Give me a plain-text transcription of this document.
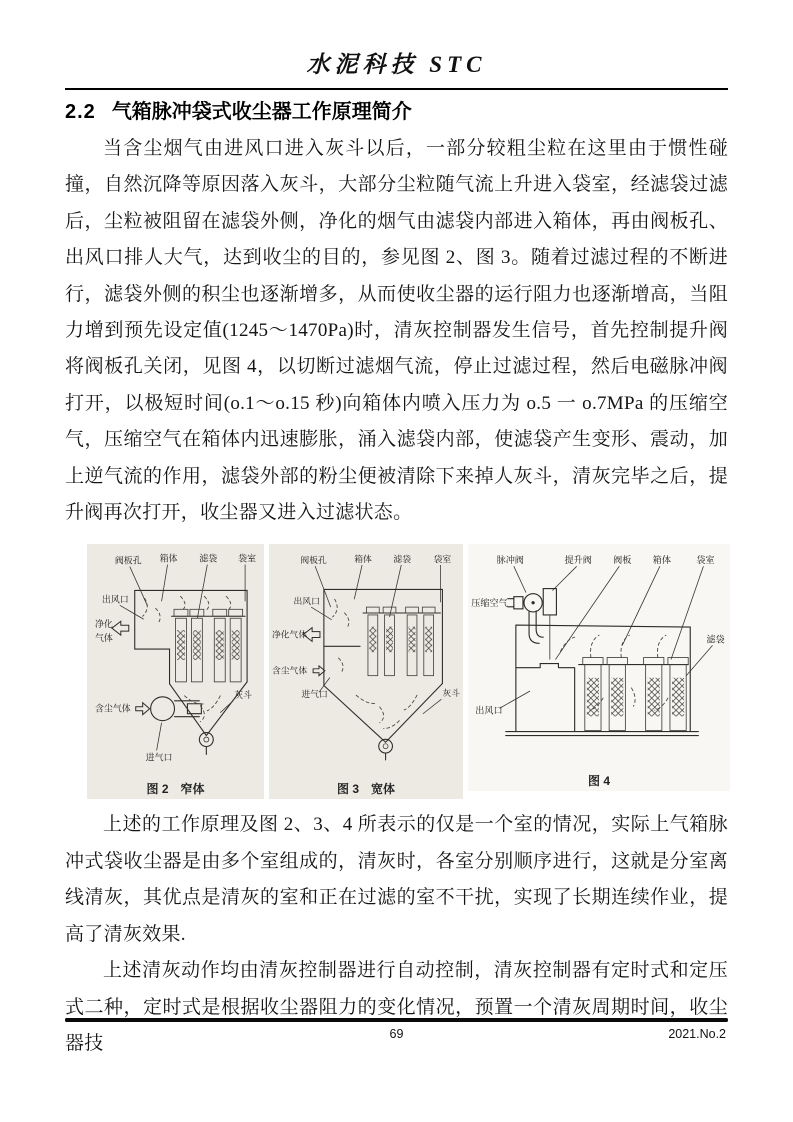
水泥科技 STC
2.2 气箱脉冲袋式收尘器工作原理简介

当含尘烟气由进风口进入灰斗以后，一部分较粗尘粒在这里由于惯性碰撞，自然沉降等原因落入灰斗，大部分尘粒随气流上升进入袋室，经滤袋过滤后，尘粒被阻留在滤袋外侧，净化的烟气由滤袋内部进入箱体，再由阀板孔、出风口排人大气，达到收尘的目的，参见图 2、图 3。随着过滤过程的不断进行，滤袋外侧的积尘也逐渐增多，从而使收尘器的运行阻力也逐渐增高，当阻力增到预先设定值(1245～1470Pa)时，清灰控制器发生信号，首先控制提升阀将阀板孔关闭，见图 4，以切断过滤烟气流，停止过滤过程，然后电磁脉冲阀打开，以极短时间(o.1～o.15 秒)向箱体内喷入压力为 o.5 一 o.7MPa 的压缩空气，压缩空气在箱体内迅速膨胀，涌入滤袋内部，使滤袋产生变形、震动，加上逆气流的作用，滤袋外部的粉尘便被清除下来掉人灰斗，清灰完毕之后，提升阀再次打开，收尘器又进入过滤状态。

阀板孔 箱体 滤袋 袋室
出风口
净化
气体
含尘气体
进气口
灰斗
图 2　窄体
阀板孔	箱体 滤袋	袋室
出风口
净化气体
含尘气体
进气口	灰斗
图 3　宽体
脉冲阀	提升阀 阀板 箱体	袋室
压缩空气
出风口
滤袋
图 4

上述的工作原理及图 2、3、4 所表示的仅是一个室的情况，实际上气箱脉冲式袋收尘器是由多个室组成的，清灰时，各室分别顺序进行，这就是分室离线清灰，其优点是清灰的室和正在过滤的室不干扰，实现了长期连续作业，提高了清灰效果.

上述清灰动作均由清灰控制器进行自动控制，清灰控制器有定时式和定压式二种，定时式是根据收尘器阻力的变化情况，预置一个清灰周期时间，收尘器技	69	2021.No.2
